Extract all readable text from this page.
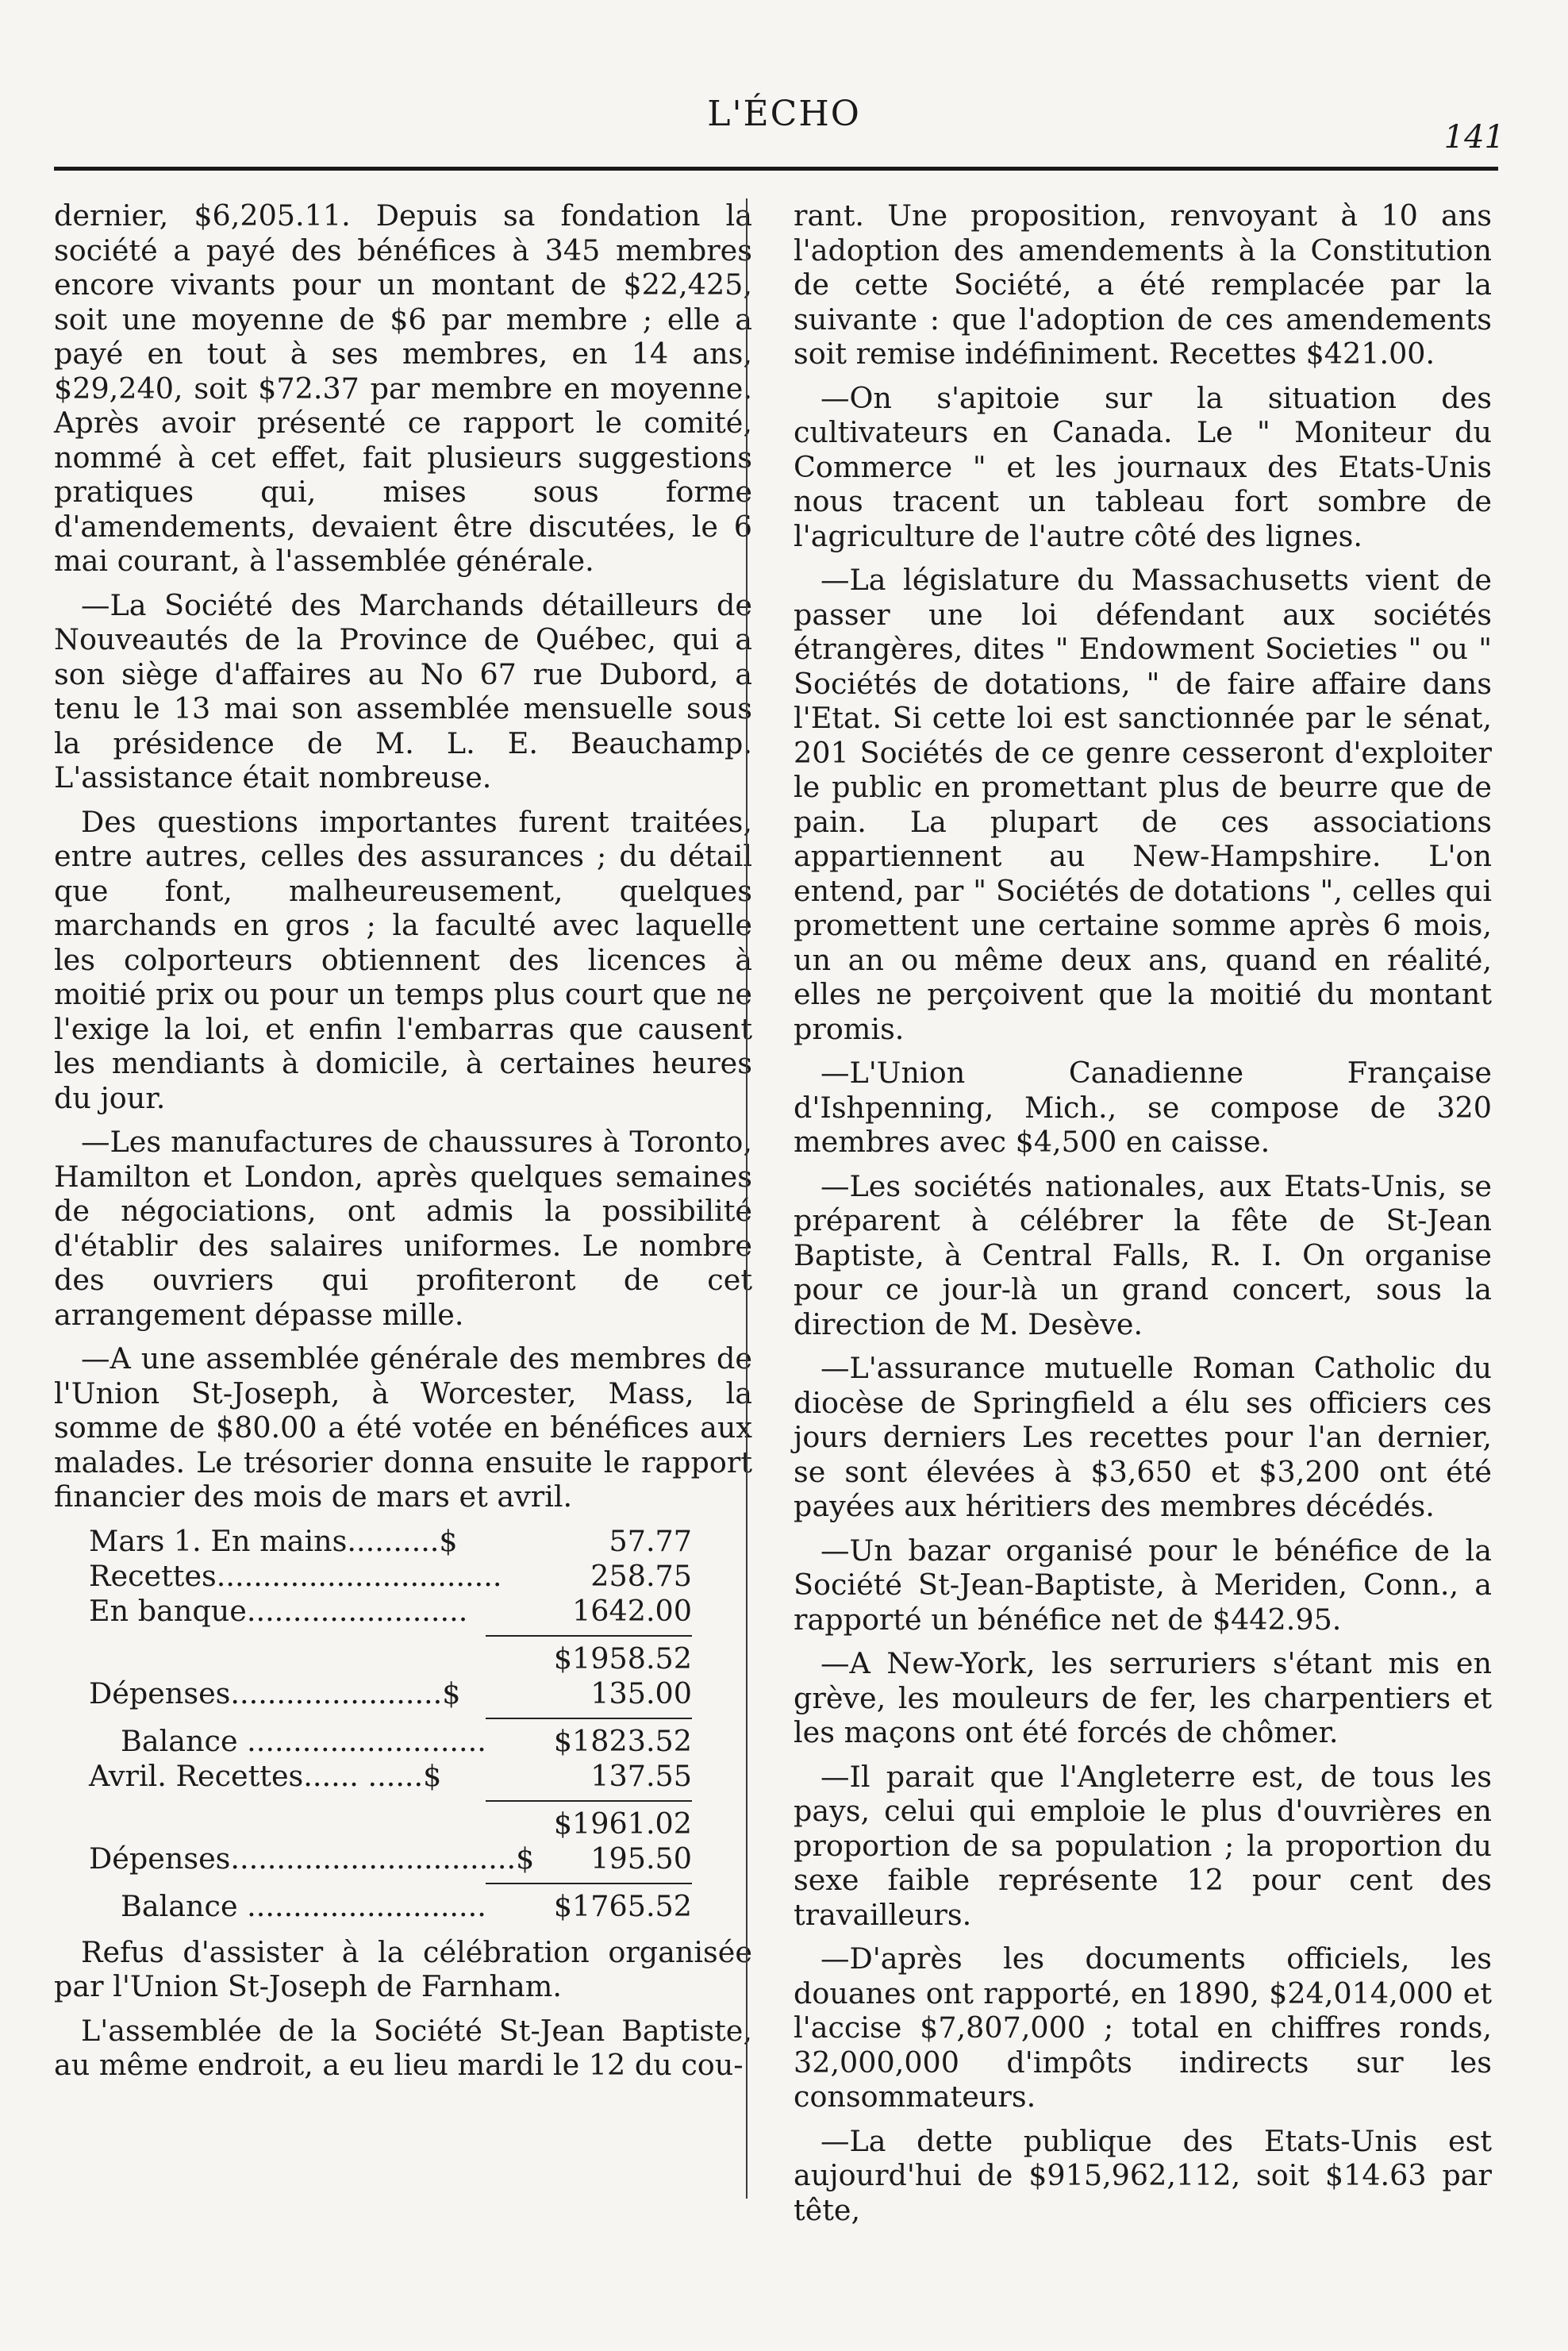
L'ÉCHO
141

dernier, $6,205.11. Depuis sa fondation la société a payé des bénéfices à 345 membres encore vivants pour un montant de $22,425, soit une moyenne de $6 par membre ; elle a payé en tout à ses membres, en 14 ans, $29,240, soit $72.37 par membre en moyenne. Après avoir présenté ce rapport le comité, nommé à cet effet, fait plusieurs suggestions pratiques qui, mises sous forme d'amendements, devaient être discutées, le 6 mai courant, à l'assemblée générale.

—La Société des Marchands détailleurs de Nouveautés de la Province de Québec, qui a son siège d'affaires au No 67 rue Dubord, a tenu le 13 mai son assemblée mensuelle sous la présidence de M. L. E. Beauchamp. L'assistance était nombreuse.

Des questions importantes furent traitées, entre autres, celles des assurances ; du détail que font, malheureusement, quelques marchands en gros ; la faculté avec laquelle les colporteurs obtiennent des licences à moitié prix ou pour un temps plus court que ne l'exige la loi, et enfin l'embarras que causent les mendiants à domicile, à certaines heures du jour.

—Les manufactures de chaussures à Toronto, Hamilton et London, après quelques semaines de négociations, ont admis la possibilité d'établir des salaires uniformes. Le nombre des ouvriers qui profiteront de cet arrangement dépasse mille.

—A une assemblée générale des membres de l'Union St-Joseph, à Worcester, Mass, la somme de $80.00 a été votée en bénéfices aux malades. Le trésorier donna ensuite le rapport financier des mois de mars et avril.

Mars 1. En mains..........$	57.77
Recettes...............................	258.75
En banque........................	1642.00
$1958.52
Dépenses.......................$	135.00
Balance .......................... $1823.52
Avril. Recettes...... ......$	137.55
$1961.02
Dépenses...............................$ 195.50
Balance .......................... $1765.52

Refus d'assister à la célébration organisée par l'Union St-Joseph de Farnham.

L'assemblée de la Société St-Jean Baptiste, au même endroit, a eu lieu mardi le 12 du cou-

rant. Une proposition, renvoyant à 10 ans l'adoption des amendements à la Constitution de cette Société, a été remplacée par la suivante : que l'adoption de ces amendements soit remise indéfiniment. Recettes $421.00.

—On s'apitoie sur la situation des cultivateurs en Canada. Le " Moniteur du Commerce " et les journaux des Etats-Unis nous tracent un tableau fort sombre de l'agriculture de l'autre côté des lignes.

—La législature du Massachusetts vient de passer une loi défendant aux sociétés étrangères, dites " Endowment Societies " ou " Sociétés de dotations, " de faire affaire dans l'Etat. Si cette loi est sanctionnée par le sénat, 201 Sociétés de ce genre cesseront d'exploiter le public en promettant plus de beurre que de pain. La plupart de ces associations appartiennent au New-Hampshire. L'on entend, par " Sociétés de dotations ", celles qui promettent une certaine somme après 6 mois, un an ou même deux ans, quand en réalité, elles ne perçoivent que la moitié du montant promis.

—L'Union Canadienne Française d'Ishpenning, Mich., se compose de 320 membres avec $4,500 en caisse.

—Les sociétés nationales, aux Etats-Unis, se préparent à célébrer la fête de St-Jean Baptiste, à Central Falls, R. I. On organise pour ce jour-là un grand concert, sous la direction de M. Desève.

—L'assurance mutuelle Roman Catholic du diocèse de Springfield a élu ses officiers ces jours derniers Les recettes pour l'an dernier, se sont élevées à $3,650 et $3,200 ont été payées aux héritiers des membres décédés.

—Un bazar organisé pour le bénéfice de la Société St-Jean-Baptiste, à Meriden, Conn., a rapporté un bénéfice net de $442.95.

—A New-York, les serruriers s'étant mis en grève, les mouleurs de fer, les charpentiers et les maçons ont été forcés de chômer.

—Il parait que l'Angleterre est, de tous les pays, celui qui emploie le plus d'ouvrières en proportion de sa population ; la proportion du sexe faible représente 12 pour cent des travailleurs.

—D'après les documents officiels, les douanes ont rapporté, en 1890, $24,014,000 et l'accise $7,807,000 ; total en chiffres ronds, 32,000,000 d'impôts indirects sur les consommateurs.

—La dette publique des Etats-Unis est aujourd'hui de $915,962,112, soit $14.63 par tête,
